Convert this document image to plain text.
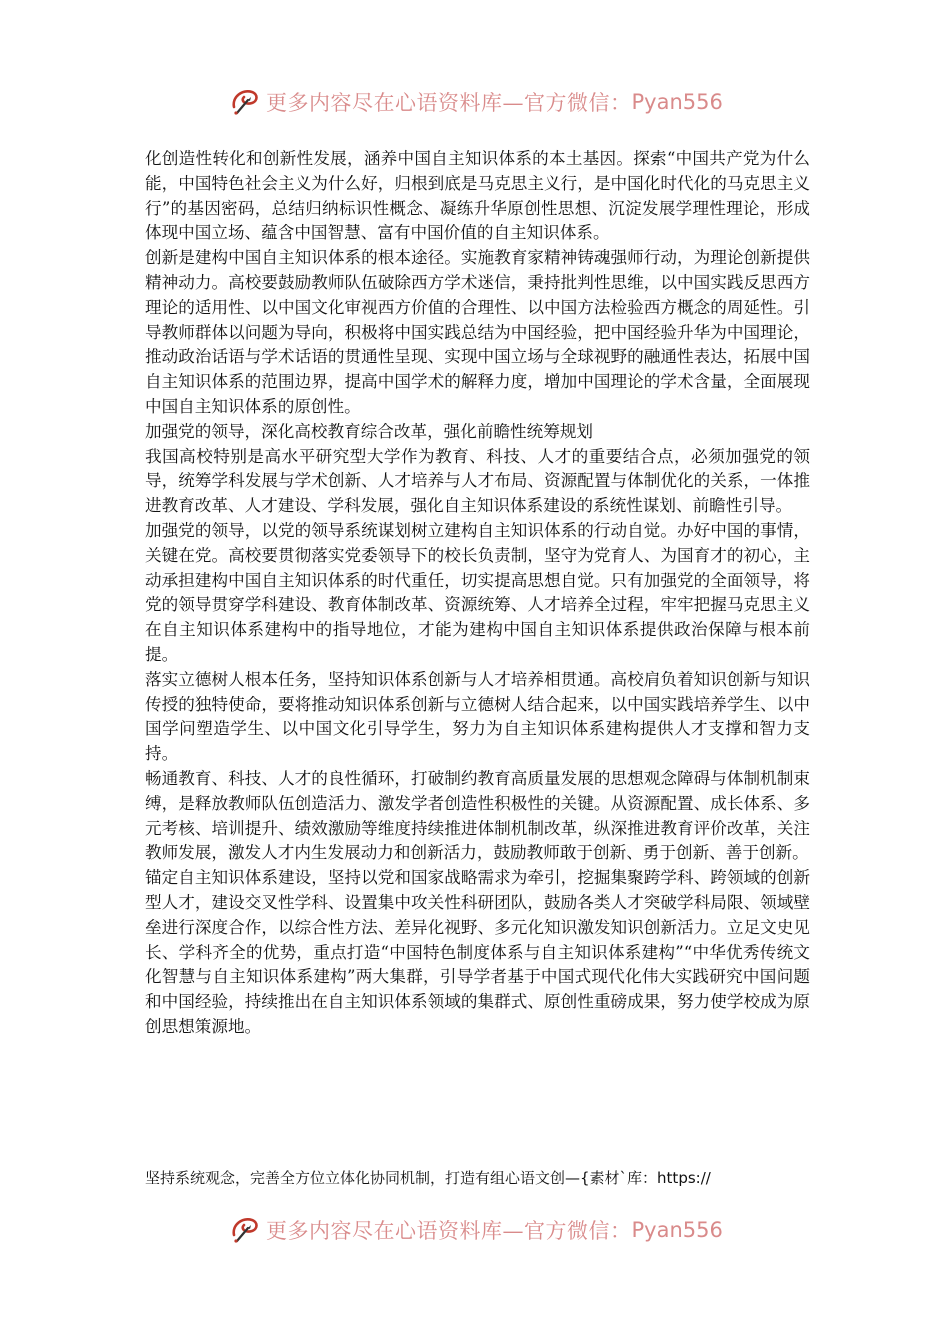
更多内容尽在心语资料库—官方微信： Pyan556

化创造性转化和创新性发展，涵养中国自主知识体系的本土基因。探索“中国共产党为什么能，中国特色社会主义为什么好，归根到底是马克思主义行，是中国化时代化的马克思主义行”的基因密码，总结归纳标识性概念、凝练升华原创性思想、沉淀发展学理性理论，形成体现中国立场、蕴含中国智慧、富有中国价值的自主知识体系。

创新是建构中国自主知识体系的根本途径。实施教育家精神铸魂强师行动，为理论创新提供精神动力。高校要鼓励教师队伍破除西方学术迷信，秉持批判性思维，以中国实践反思西方理论的适用性、以中国文化审视西方价值的合理性、以中国方法检验西方概念的周延性。引导教师群体以问题为导向，积极将中国实践总结为中国经验，把中国经验升华为中国理论，推动政治话语与学术话语的贯通性呈现、实现中国立场与全球视野的融通性表达，拓展中国自主知识体系的范围边界，提高中国学术的解释力度，增加中国理论的学术含量，全面展现中国自主知识体系的原创性。

加强党的领导，深化高校教育综合改革，强化前瞻性统筹规划

我国高校特别是高水平研究型大学作为教育、科技、人才的重要结合点，必须加强党的领导，统筹学科发展与学术创新、人才培养与人才布局、资源配置与体制优化的关系，一体推进教育改革、人才建设、学科发展，强化自主知识体系建设的系统性谋划、前瞻性引导。

加强党的领导，以党的领导系统谋划树立建构自主知识体系的行动自觉。办好中国的事情，关键在党。高校要贯彻落实党委领导下的校长负责制，坚守为党育人、为国育才的初心，主动承担建构中国自主知识体系的时代重任，切实提高思想自觉。只有加强党的全面领导，将党的领导贯穿学科建设、教育体制改革、资源统筹、人才培养全过程，牢牢把握马克思主义在自主知识体系建构中的指导地位，才能为建构中国自主知识体系提供政治保障与根本前提。

落实立德树人根本任务，坚持知识体系创新与人才培养相贯通。高校肩负着知识创新与知识传授的独特使命，要将推动知识体系创新与立德树人结合起来，以中国实践培养学生、以中国学问塑造学生、以中国文化引导学生，努力为自主知识体系建构提供人才支撑和智力支持。

畅通教育、科技、人才的良性循环，打破制约教育高质量发展的思想观念障碍与体制机制束缚，是释放教师队伍创造活力、激发学者创造性积极性的关键。从资源配置、成长体系、多元考核、培训提升、绩效激励等维度持续推进体制机制改革，纵深推进教育评价改革，关注教师发展，激发人才内生发展动力和创新活力，鼓励教师敢于创新、勇于创新、善于创新。

锚定自主知识体系建设，坚持以党和国家战略需求为牵引，挖掘集聚跨学科、跨领域的创新型人才，建设交叉性学科、设置集中攻关性科研团队，鼓励各类人才突破学科局限、领域壁垒进行深度合作，以综合性方法、差异化视野、多元化知识激发知识创新活力。立足文史见长、学科齐全的优势，重点打造“中国特色制度体系与自主知识体系建构”“中华优秀传统文化智慧与自主知识体系建构”两大集群，引导学者基于中国式现代化伟大实践研究中国问题和中国经验，持续推出在自主知识体系领域的集群式、原创性重磅成果，努力使学校成为原创思想策源地。

坚持系统观念，完善全方位立体化协同机制，打造有组心语文创—{素材`库：https://
更多内容尽在心语资料库—官方微信： Pyan556
